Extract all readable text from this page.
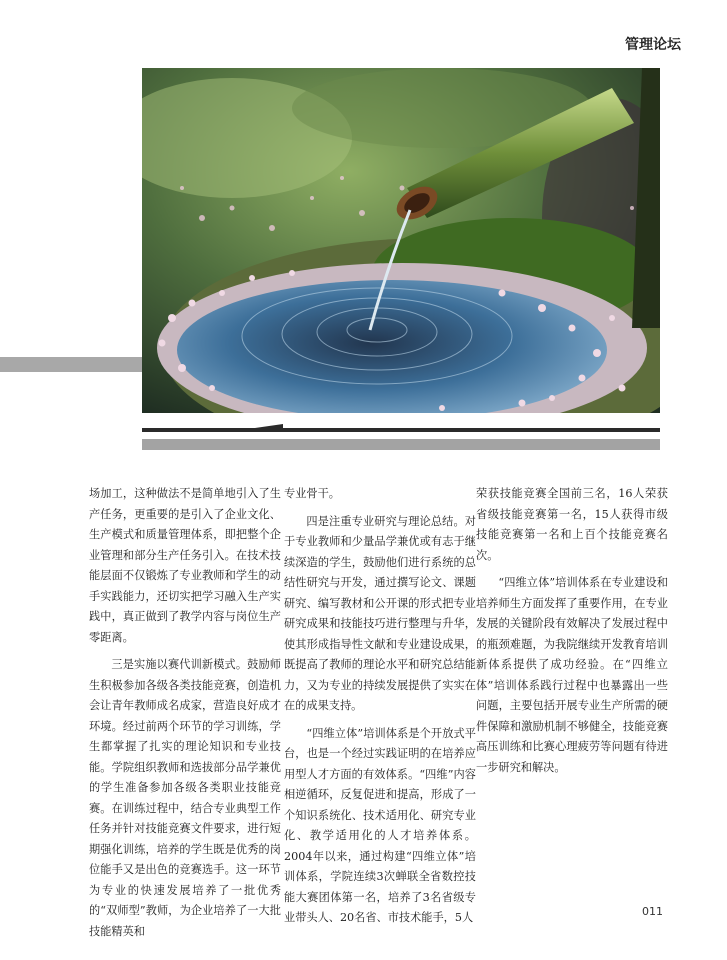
管理论坛

场加工，这种做法不是简单地引入了生产任务，更重要的是引入了企业文化、生产模式和质量管理体系，即把整个企业管理和部分生产任务引入。在技术技能层面不仅锻炼了专业教师和学生的动手实践能力，还切实把学习融入生产实践中，真正做到了教学内容与岗位生产零距离。

三是实施以赛代训新模式。鼓励师生积极参加各级各类技能竞赛，创造机会让青年教师成名成家，营造良好成才环境。经过前两个环节的学习训练，学生都掌握了扎实的理论知识和专业技能。学院组织教师和选拔部分品学兼优的学生准备参加各级各类职业技能竞赛。在训练过程中，结合专业典型工作任务并针对技能竞赛文件要求，进行短期强化训练，培养的学生既是优秀的岗位能手又是出色的竞赛选手。这一环节为专业的快速发展培养了一批优秀的“双师型”教师，为企业培养了一大批技能精英和

专业骨干。

四是注重专业研究与理论总结。对于专业教师和少量品学兼优或有志于继续深造的学生，鼓励他们进行系统的总结性研究与开发，通过撰写论文、课题研究、编写教材和公开课的形式把专业研究成果和技能技巧进行整理与升华，使其形成指导性文献和专业建设成果，既提高了教师的理论水平和研究总结能力，又为专业的持续发展提供了实实在在的成果支持。

“四维立体”培训体系是个开放式平台，也是一个经过实践证明的在培养应用型人才方面的有效体系。“四维”内容相逆循环，反复促进和提高，形成了一个知识系统化、技术适用化、研究专业化、教学适用化的人才培养体系。2004年以来，通过构建“四维立体”培训体系，学院连续3次蝉联全省数控技能大赛团体第一名，培养了3名省级专业带头人、20名省、市技术能手，5人

荣获技能竞赛全国前三名，16人荣获省级技能竞赛第一名，15人获得市级技能竞赛第一名和上百个技能竞赛名次。

“四维立体”培训体系在专业建设和培养师生方面发挥了重要作用，在专业发展的关键阶段有效解决了发展过程中的瓶颈难题，为我院继续开发教育培训新体系提供了成功经验。在“四维立体”培训体系践行过程中也暴露出一些问题，主要包括开展专业生产所需的硬件保障和激励机制不够健全，技能竞赛高压训练和比赛心理疲劳等问题有待进一步研究和解决。

011
